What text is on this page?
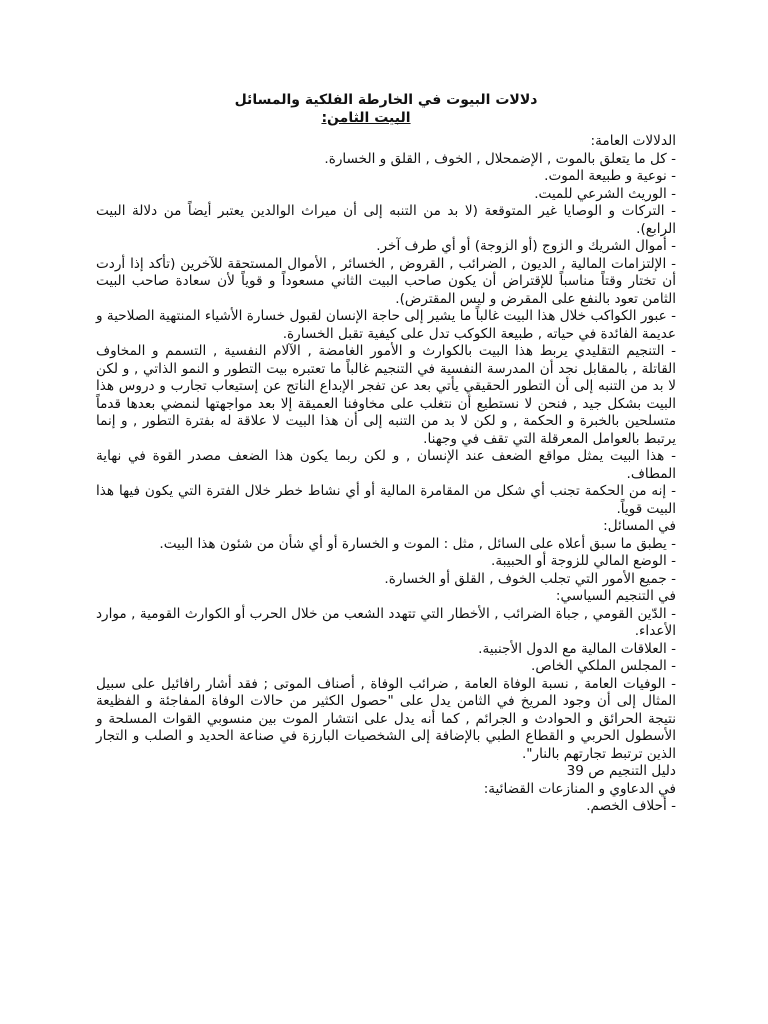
دلالات البيوت في الخارطة الفلكية والمسائل

البيت الثامن:

الدلالات العامة:

- كل ما يتعلق بالموت , الإضمحلال , الخوف , القلق و الخسارة.

- نوعية و طبيعة الموت.

- الوريث الشرعي للميت.

- التركات و الوصايا غير المتوقعة (لا بد من التنبه إلى أن ميراث الوالدين يعتبر أيضاً من دلالة البيت الرابع).

- أموال الشريك و الزوج (أو الزوجة) أو أي طرف آخر.

- الإلتزامات المالية , الديون , الضرائب , القروض , الخسائر , الأموال المستحقة للآخرين (تأكد إذا أردت أن تختار وقتاً مناسباً للإقتراض أن يكون صاحب البيت الثاني مسعوداً و قوياً لأن سعادة صاحب البيت الثامن تعود بالنفع على المقرض و ليس المقترض).

- عبور الكواكب خلال هذا البيت غالباً ما يشير إلى حاجة الإنسان لقبول خسارة الأشياء المنتهية الصلاحية و عديمة الفائدة في حياته , طبيعة الكوكب تدل على كيفية تقبل الخسارة.

- التنجيم التقليدي يربط هذا البيت بالكوارث و الأمور الغامضة , الآلام النفسية , التسمم و المخاوف القاتلة , بالمقابل نجد أن المدرسة النفسية في التنجيم غالباً ما تعتبره بيت التطور و النمو الذاتي , و لكن لا بد من التنبه إلى أن التطور الحقيقي يأتي بعد عن تفجر الإبداع الناتج عن إستيعاب تجارب و دروس هذا البيت بشكل جيد , فنحن لا نستطيع أن نتغلب على مخاوفنا العميقة إلا بعد مواجهتها لنمضي بعدها قدماً متسلحين بالخبرة و الحكمة , و لكن لا بد من التنبه إلى أن هذا البيت لا علاقة له بفترة التطور , و إنما يرتبط بالعوامل المعرقلة التي تقف في وجهنا.

- هذا البيت يمثل مواقع الضعف عند الإنسان , و لكن ربما يكون هذا الضعف مصدر القوة في نهاية المطاف.

- إنه من الحكمة تجنب أي شكل من المقامرة المالية أو أي نشاط خطر خلال الفترة التي يكون فيها هذا البيت قوياً.

في المسائل:

- يطبق ما سبق أعلاه على السائل , مثل : الموت و الخسارة أو أي شأن من شئون هذا البيت.

- الوضع المالي للزوجة أو الحبيبة.

- جميع الأمور التي تجلب الخوف , القلق أو الخسارة.

في التنجيم السياسي:

- الدّين القومي , جباة الضرائب , الأخطار التي تتهدد الشعب من خلال الحرب أو الكوارث القومية , موارد الأعداء.

- العلاقات المالية مع الدول الأجنبية.

- المجلس الملكي الخاص.

- الوفيات العامة , نسبة الوفاة العامة , ضرائب الوفاة , أصناف الموتى ; فقد أشار رافائيل على سبيل المثال إلى أن وجود المريخ في الثامن يدل على "حصول الكثير من حالات الوفاة المفاجئة و الفظيعة نتيجة الحرائق و الحوادث و الجرائم , كما أنه يدل على انتشار الموت بين منسوبي القوات المسلحة و الأسطول الحربي و القطاع الطبي بالإضافة إلى الشخصيات البارزة في صناعة الحديد و الصلب و التجار الذين ترتبط تجارتهم بالنار".

دليل التنجيم ص 39

في الدعاوي و المنازعات القضائية:

- أحلاف الخصم.
